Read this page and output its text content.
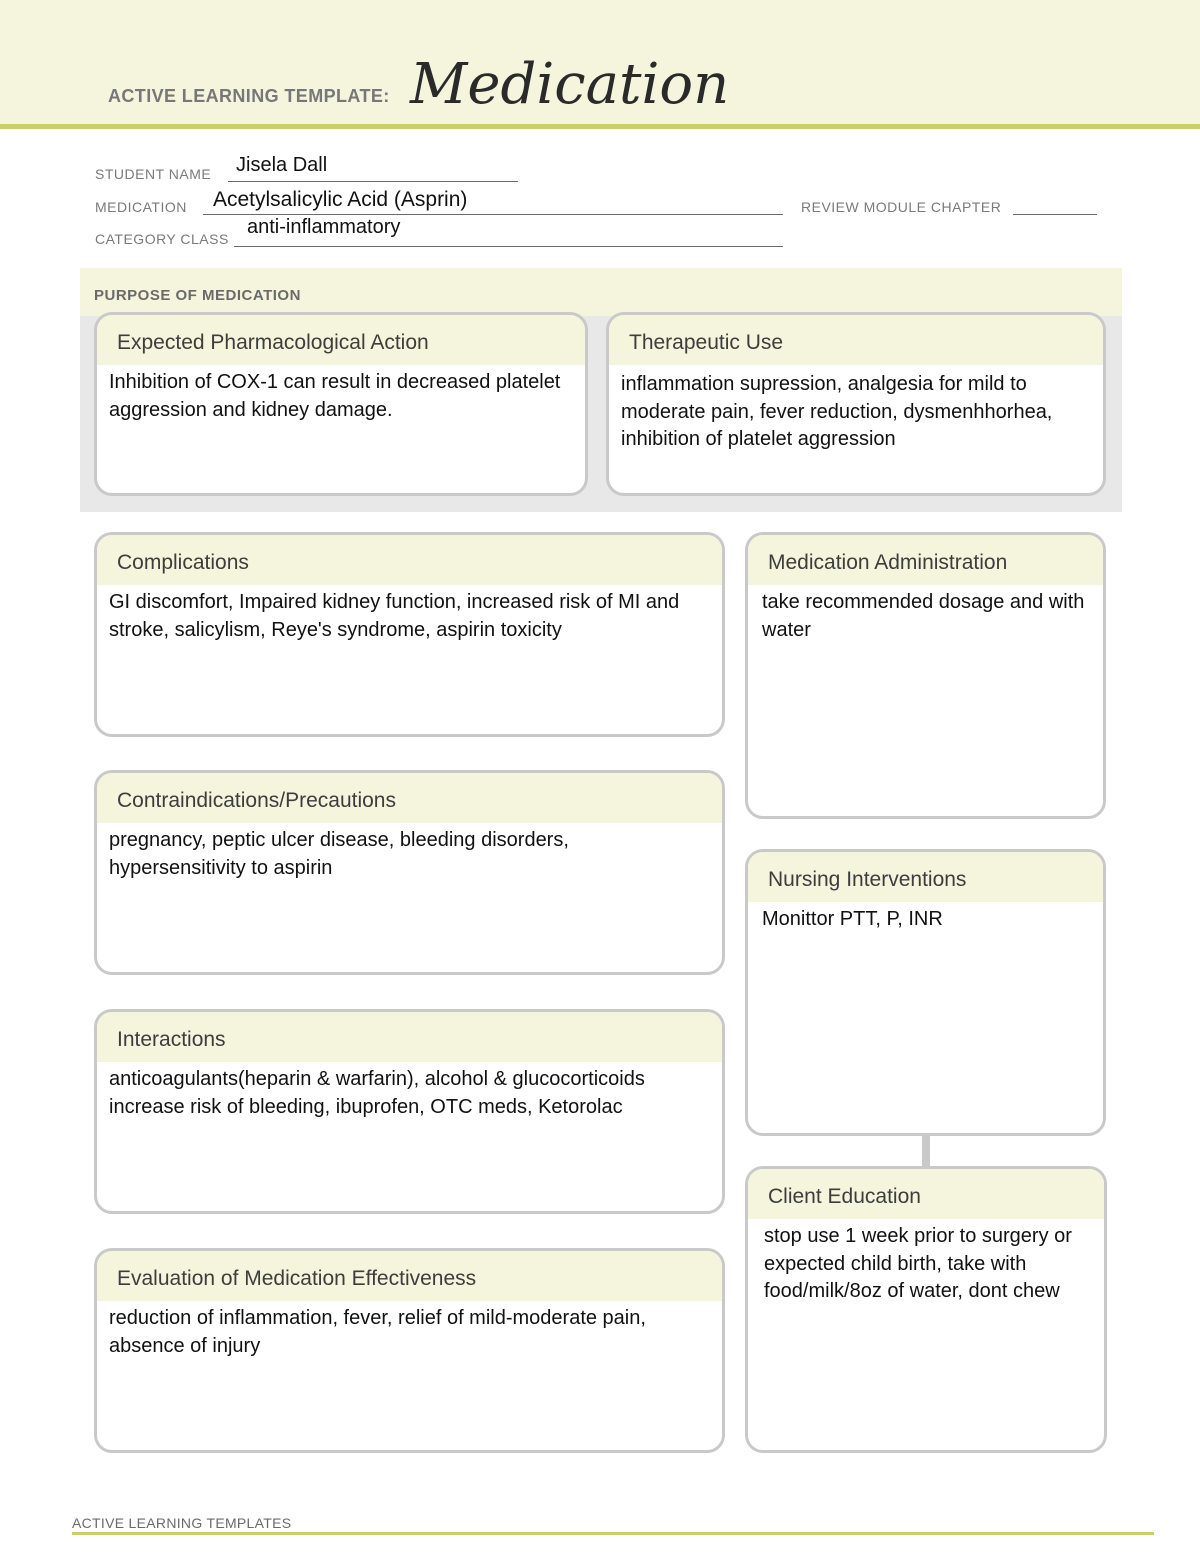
ACTIVE LEARNING TEMPLATE: Medication
STUDENT NAME Jisela Dall
MEDICATION Acetylsalicylic Acid (Asprin)	REVIEW MODULE CHAPTER
CATEGORY CLASS
anti-inflammatory
PURPOSE OF MEDICATION
Expected Pharmacological Action
Inhibition of COX-1 can result in decreased platelet aggression and kidney damage.
Therapeutic Use
inflammation supression, analgesia for mild to moderate pain, fever reduction, dysmenhhorhea, inhibition of platelet aggression
Complications
GI discomfort, Impaired kidney function, increased risk of MI and stroke, salicylism, Reye's syndrome, aspirin toxicity
Contraindications/Precautions
pregnancy, peptic ulcer disease, bleeding disorders, hypersensitivity to aspirin
Interactions
anticoagulants(heparin & warfarin), alcohol & glucocorticoids increase risk of bleeding, ibuprofen, OTC meds, Ketorolac
Evaluation of Medication Effectiveness
reduction of inflammation, fever, relief of mild-moderate pain, absence of injury
Medication Administration
take recommended dosage and with water
Nursing Interventions
Monittor PTT, P, INR
Client Education
stop use 1 week prior to surgery or expected child birth, take with food/milk/8oz of water, dont chew
ACTIVE LEARNING TEMPLATES
